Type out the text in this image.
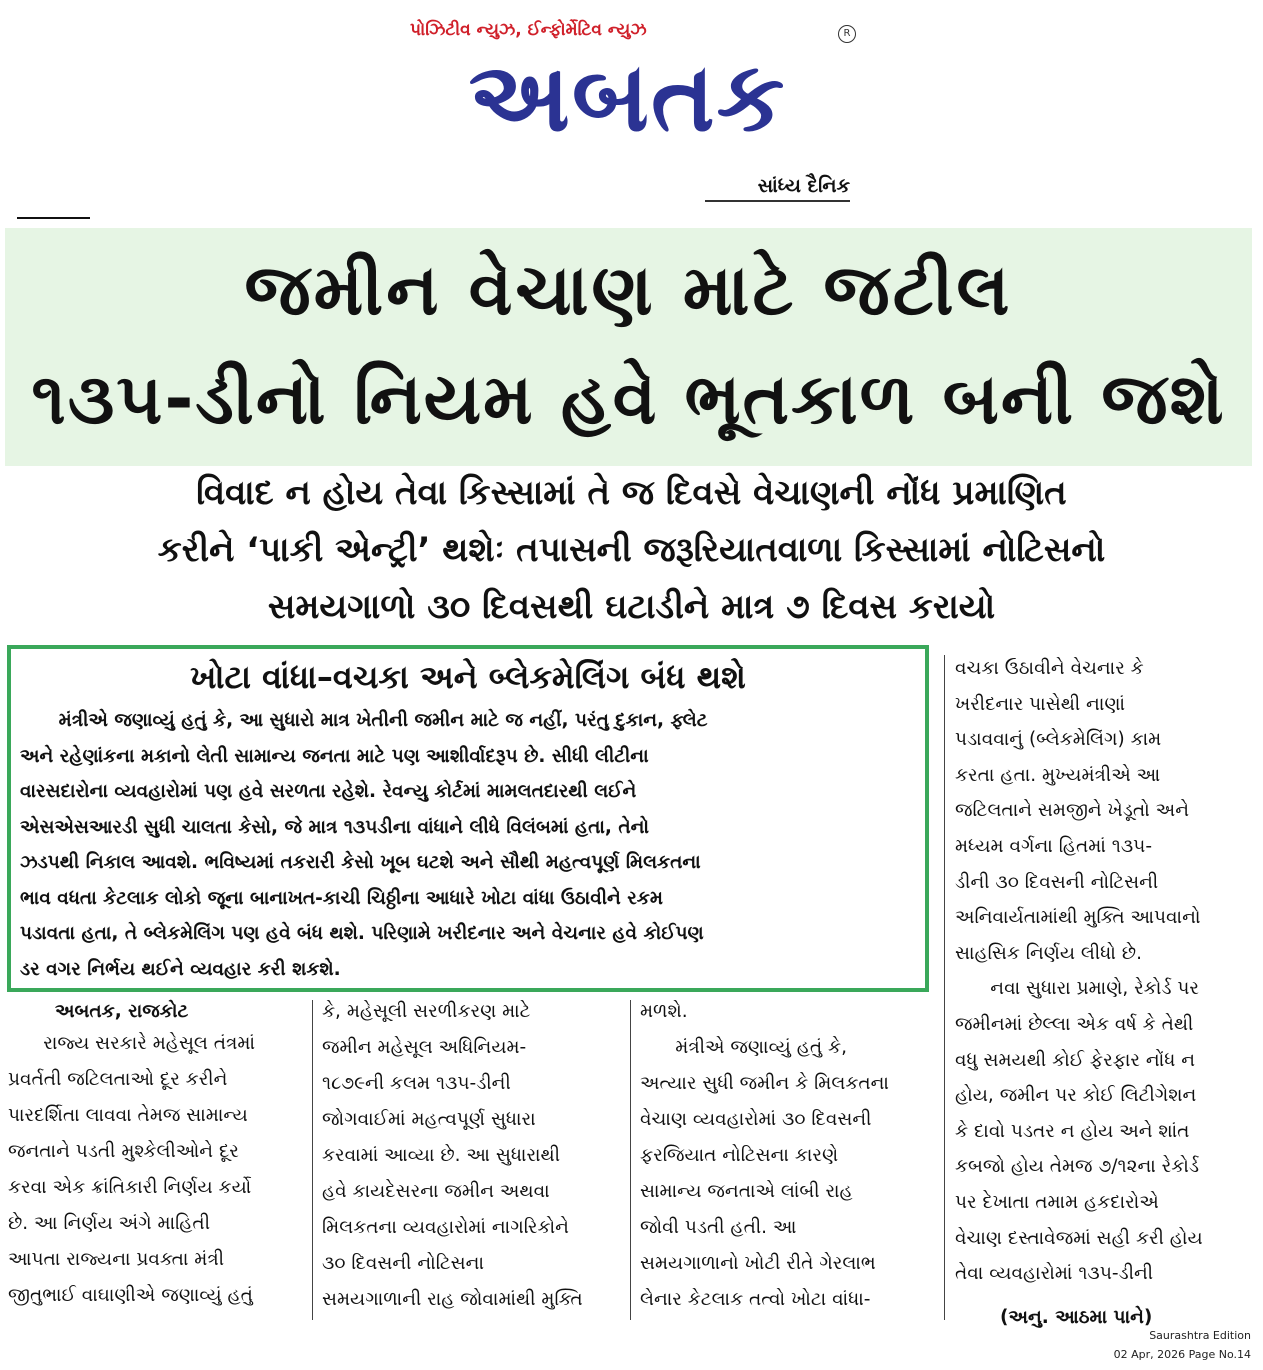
પોઝિટીવ ન્યુઝ, ઈન્ફોર્મેટિવ ન્યુઝ
અબતક
R
સાંધ્ય દૈનિક
જમીન વેચાણ માટે જટીલ
૧૩૫-ડીનો નિયમ હવે ભૂતકાળ બની જશે
વિવાદ ન હોય તેવા કિસ્સામાં તે જ દિવસે વેચાણની નોંધ પ્રમાણિત
કરીને ‘પાકી એન્ટ્રી’ થશેઃ તપાસની જરૂરિયાતવાળા કિસ્સામાં નોટિસનો
સમયગાળો ૩૦ દિવસથી ઘટાડીને માત્ર ૭ દિવસ કરાયો
ખોટા વાંધા–વચકા અને બ્લેકમેલિંગ બંધ થશે
મંત્રીએ જણાવ્યું હતું કે, આ સુધારો માત્ર ખેતીની જમીન માટે જ નહીં, પરંતુ દુકાન, ફ્લેટ
અને રહેણાંકના મકાનો લેતી સામાન્ય જનતા માટે પણ આશીર્વાદરૂપ છે. સીધી લીટીના
વારસદારોના વ્યવહારોમાં પણ હવે સરળતા રહેશે. રેવન્યુ કોર્ટમાં મામલતદારથી લઈને
એસએસઆરડી સુધી ચાલતા કેસો, જે માત્ર ૧૩૫ડીના વાંધાને લીધે વિલંબમાં હતા, તેનો
ઝડપથી નિકાલ આવશે. ભવિષ્યમાં તકરારી કેસો ખૂબ ઘટશે અને સૌથી મહત્વપૂર્ણ મિલકતના
ભાવ વધતા કેટલાક લોકો જૂના બાનાખત-કાચી ચિઠ્ઠીના આધારે ખોટા વાંધા ઉઠાવીને રકમ
પડાવતા હતા, તે બ્લેકમેલિંગ પણ હવે બંધ થશે. પરિણામે ખરીદનાર અને વેચનાર હવે કોઈપણ
ડર વગર નિર્ભય થઈને વ્યવહાર કરી શકશે.
અબતક, રાજકોટ
રાજ્ય સરકારે મહેસૂલ તંત્રમાં
પ્રવર્તતી જટિલતાઓ દૂર કરીને
પારદર્શિતા લાવવા તેમજ સામાન્ય
જનતાને પડતી મુશ્કેલીઓને દૂર
કરવા એક ક્રાંતિકારી નિર્ણય કર્યો
છે. આ નિર્ણય અંગે માહિતી
આપતા રાજ્યના પ્રવક્તા મંત્રી
જીતુભાઈ વાઘાણીએ જણાવ્યું હતું
કે, મહેસૂલી સરળીકરણ માટે
જમીન મહેસૂલ અધિનિયમ-
૧૮૭૯ની કલમ ૧૩૫-ડીની
જોગવાઈમાં મહત્વપૂર્ણ સુધારા
કરવામાં આવ્યા છે. આ સુધારાથી
હવે કાયદેસરના જમીન અથવા
મિલકતના વ્યવહારોમાં નાગરિકોને
૩૦ દિવસની નોટિસના
સમયગાળાની રાહ જોવામાંથી મુક્તિ
મળશે.
મંત્રીએ જણાવ્યું હતું કે,
અત્યાર સુધી જમીન કે મિલકતના
વેચાણ વ્યવહારોમાં ૩૦ દિવસની
ફરજિયાત નોટિસના કારણે
સામાન્ય જનતાએ લાંબી રાહ
જોવી પડતી હતી. આ
સમયગાળાનો ખોટી રીતે ગેરલાભ
લેનાર કેટલાક તત્વો ખોટા વાંધા-
વચકા ઉઠાવીને વેચનાર કે
ખરીદનાર પાસેથી નાણાં
પડાવવાનું (બ્લેકમેલિંગ) કામ
કરતા હતા. મુખ્યમંત્રીએ આ
જટિલતાને સમજીને ખેડૂતો અને
મધ્યમ વર્ગના હિતમાં ૧૩૫-
ડીની ૩૦ દિવસની નોટિસની
અનિવાર્યતામાંથી મુક્તિ આપવાનો
સાહસિક નિર્ણય લીધો છે.
નવા સુધારા પ્રમાણે, રેકોર્ડ પર
જમીનમાં છેલ્લા એક વર્ષ કે તેથી
વધુ સમયથી કોઈ ફેરફાર નોંધ ન
હોય, જમીન પર કોઈ લિટીગેશન
કે દાવો પડતર ન હોય અને શાંત
કબજો હોય તેમજ ૭/૧૨ના રેકોર્ડ
પર દેખાતા તમામ હકદારોએ
વેચાણ દસ્તાવેજમાં સહી કરી હોય
તેવા વ્યવહારોમાં ૧૩૫-ડીની
(અનુ. આઠમા પાને)
Saurashtra Edition
02 Apr, 2026 Page No.14
